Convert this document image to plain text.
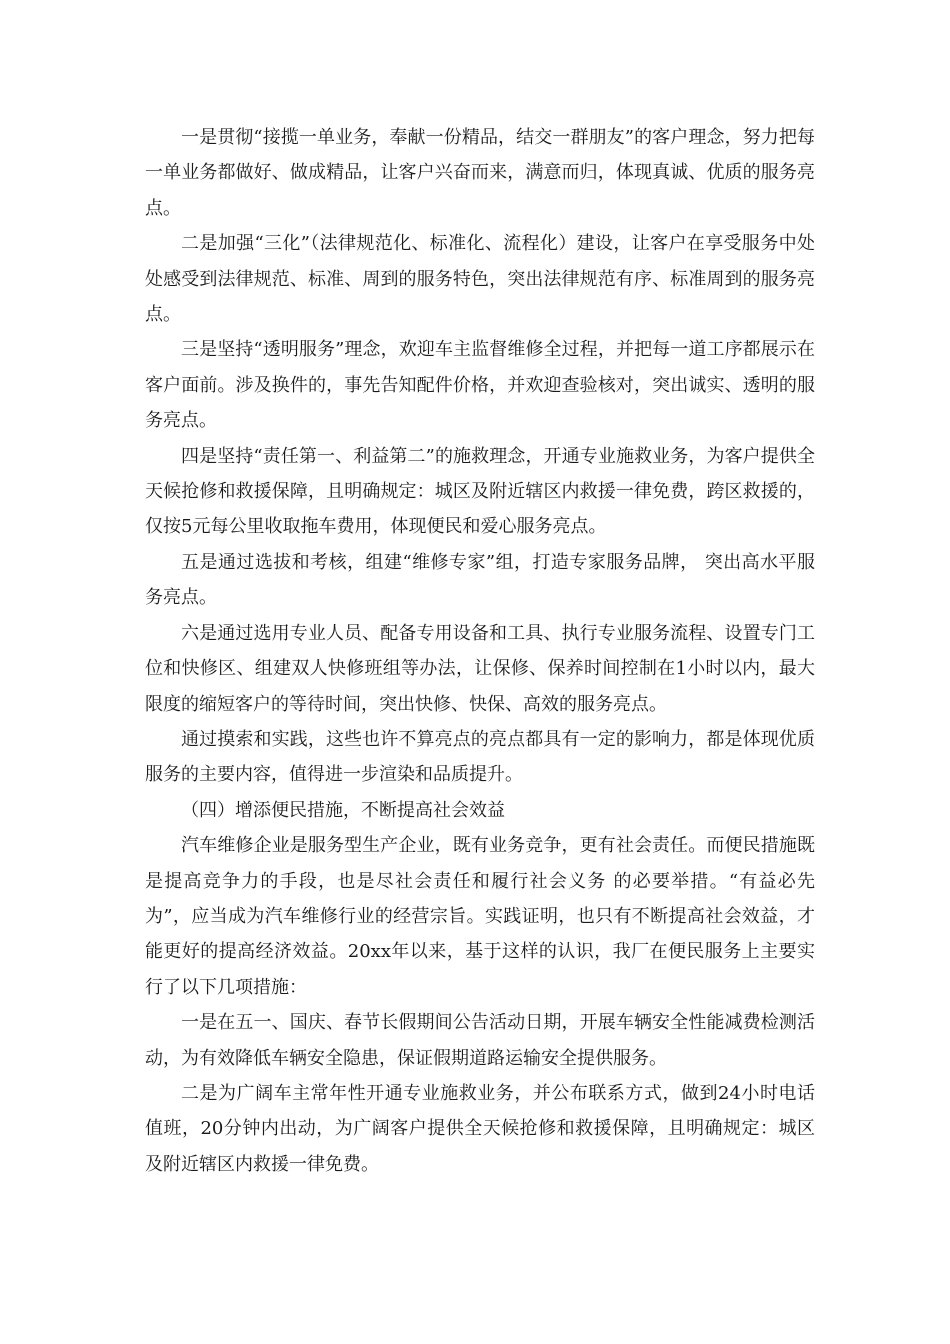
一是贯彻“接揽一单业务，奉献一份精品，结交一群朋友”的客户理念，努力把每一单业务都做好、做成精品，让客户兴奋而来，满意而归，体现真诚、优质的服务亮点。

二是加强“三化”（法律规范化、标准化、流程化）建设，让客户在享受服务中处处感受到法律规范、标准、周到的服务特色，突出法律规范有序、标准周到的服务亮点。

三是坚持“透明服务”理念，欢迎车主监督维修全过程，并把每一道工序都展示在客户面前。涉及换件的，事先告知配件价格，并欢迎查验核对，突出诚实、透明的服务亮点。

四是坚持“责任第一、利益第二”的施救理念，开通专业施救业务，为客户提供全天候抢修和救援保障，且明确规定：城区及附近辖区内救援一律免费，跨区救援的，仅按5元每公里收取拖车费用，体现便民和爱心服务亮点。

五是通过选拔和考核，组建“维修专家”组，打造专家服务品牌， 突出高水平服务亮点。

六是通过选用专业人员、配备专用设备和工具、执行专业服务流程、设置专门工位和快修区、组建双人快修班组等办法，让保修、保养时间控制在1小时以内，最大限度的缩短客户的等待时间，突出快修、快保、高效的服务亮点。

通过摸索和实践，这些也许不算亮点的亮点都具有一定的影响力，都是体现优质服务的主要内容，值得进一步渲染和品质提升。

（四）增添便民措施，不断提高社会效益

汽车维修企业是服务型生产企业，既有业务竞争，更有社会责任。而便民措施既是提高竞争力的手段，也是尽社会责任和履行社会义务 的必要举措。“有益必先为”，应当成为汽车维修行业的经营宗旨。实践证明，也只有不断提高社会效益，才能更好的提高经济效益。20xx年以来，基于这样的认识，我厂在便民服务上主要实行了以下几项措施：

一是在五一、国庆、春节长假期间公告活动日期，开展车辆安全性能减费检测活动，为有效降低车辆安全隐患，保证假期道路运输安全提供服务。

二是为广阔车主常年性开通专业施救业务，并公布联系方式，做到24小时电话值班，20分钟内出动，为广阔客户提供全天候抢修和救援保障，且明确规定：城区及附近辖区内救援一律免费。
